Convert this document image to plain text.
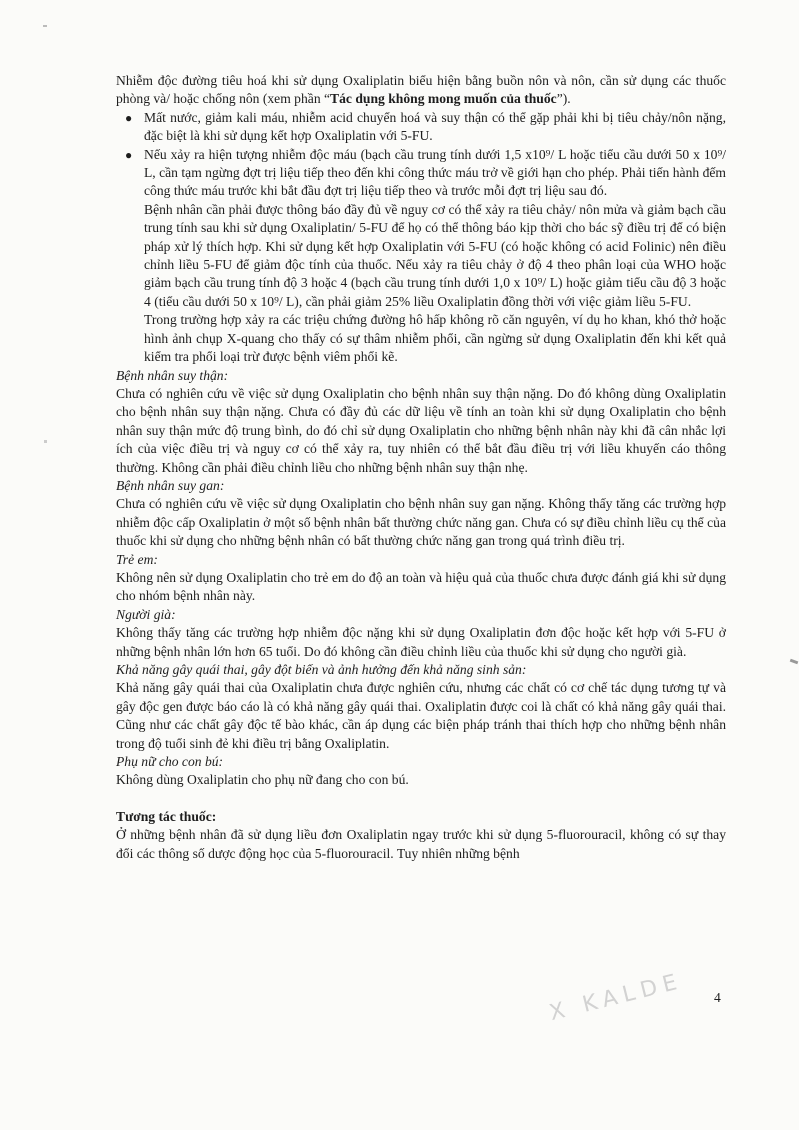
Nhiễm độc đường tiêu hoá khi sử dụng Oxaliplatin biểu hiện bằng buồn nôn và nôn, cần sử dụng các thuốc phòng và/ hoặc chống nôn (xem phần “Tác dụng không mong muốn của thuốc”).

● Mất nước, giảm kali máu, nhiễm acid chuyển hoá và suy thận có thể gặp phải khi bị tiêu chảy/nôn nặng, đặc biệt là khi sử dụng kết hợp Oxaliplatin với 5-FU.
● Nếu xảy ra hiện tượng nhiễm độc máu (bạch cầu trung tính dưới 1,5 x10⁹/ L hoặc tiểu cầu dưới 50 x 10⁹/ L, cần tạm ngừng đợt trị liệu tiếp theo đến khi công thức máu trở về giới hạn cho phép. Phải tiến hành đếm công thức máu trước khi bắt đầu đợt trị liệu tiếp theo và trước mỗi đợt trị liệu sau đó.

Bệnh nhân cần phải được thông báo đầy đủ về nguy cơ có thể xảy ra tiêu chảy/ nôn mửa và giảm bạch cầu trung tính sau khi sử dụng Oxaliplatin/ 5-FU để họ có thể thông báo kịp thời cho bác sỹ điều trị để có biện pháp xử lý thích hợp. Khi sử dụng kết hợp Oxaliplatin với 5-FU (có hoặc không có acid Folinic) nên điều chỉnh liều 5-FU để giảm độc tính của thuốc. Nếu xảy ra tiêu chảy ở độ 4 theo phân loại của WHO hoặc giảm bạch cầu trung tính độ 3 hoặc 4 (bạch cầu trung tính dưới 1,0 x 10⁹/ L) hoặc giảm tiểu cầu độ 3 hoặc 4 (tiểu cầu dưới 50 x 10⁹/ L), cần phải giảm 25% liều Oxaliplatin đồng thời với việc giảm liều 5-FU.

Trong trường hợp xảy ra các triệu chứng đường hô hấp không rõ căn nguyên, ví dụ ho khan, khó thở hoặc hình ảnh chụp X-quang cho thấy có sự thâm nhiễm phổi, cần ngừng sử dụng Oxaliplatin đến khi kết quả kiểm tra phổi loại trừ được bệnh viêm phổi kẽ.

Bệnh nhân suy thận:

Chưa có nghiên cứu về việc sử dụng Oxaliplatin cho bệnh nhân suy thận nặng. Do đó không dùng Oxaliplatin cho bệnh nhân suy thận nặng. Chưa có đầy đủ các dữ liệu về tính an toàn khi sử dụng Oxaliplatin cho bệnh nhân suy thận mức độ trung bình, do đó chỉ sử dụng Oxaliplatin cho những bệnh nhân này khi đã cân nhắc lợi ích của việc điều trị và nguy cơ có thể xảy ra, tuy nhiên có thể bắt đầu điều trị với liều khuyến cáo thông thường. Không cần phải điều chỉnh liều cho những bệnh nhân suy thận nhẹ.

Bệnh nhân suy gan:

Chưa có nghiên cứu về việc sử dụng Oxaliplatin cho bệnh nhân suy gan nặng. Không thấy tăng các trường hợp nhiễm độc cấp Oxaliplatin ở một số bệnh nhân bất thường chức năng gan. Chưa có sự điều chỉnh liều cụ thể của thuốc khi sử dụng cho những bệnh nhân có bất thường chức năng gan trong quá trình điều trị.

Trẻ em:

Không nên sử dụng Oxaliplatin cho trẻ em do độ an toàn và hiệu quả của thuốc chưa được đánh giá khi sử dụng cho nhóm bệnh nhân này.

Người già:

Không thấy tăng các trường hợp nhiễm độc nặng khi sử dụng Oxaliplatin đơn độc hoặc kết hợp với 5-FU ở những bệnh nhân lớn hơn 65 tuổi. Do đó không cần điều chỉnh liều của thuốc khi sử dụng cho người già.

Khả năng gây quái thai, gây đột biến và ảnh hưởng đến khả năng sinh sản:

Khả năng gây quái thai của Oxaliplatin chưa được nghiên cứu, nhưng các chất có cơ chế tác dụng tương tự và gây độc gen được báo cáo là có khả năng gây quái thai. Oxaliplatin được coi là chất có khả năng gây quái thai. Cũng như các chất gây độc tế bào khác, cần áp dụng các biện pháp tránh thai thích hợp cho những bệnh nhân trong độ tuổi sinh đẻ khi điều trị bằng Oxaliplatin.

Phụ nữ cho con bú:

Không dùng Oxaliplatin cho phụ nữ đang cho con bú.

Tương tác thuốc:

Ở những bệnh nhân đã sử dụng liều đơn Oxaliplatin ngay trước khi sử dụng 5-fluorouracil, không có sự thay đổi các thông số dược động học của 5-fluorouracil. Tuy nhiên những bệnh

X KALDE 4
